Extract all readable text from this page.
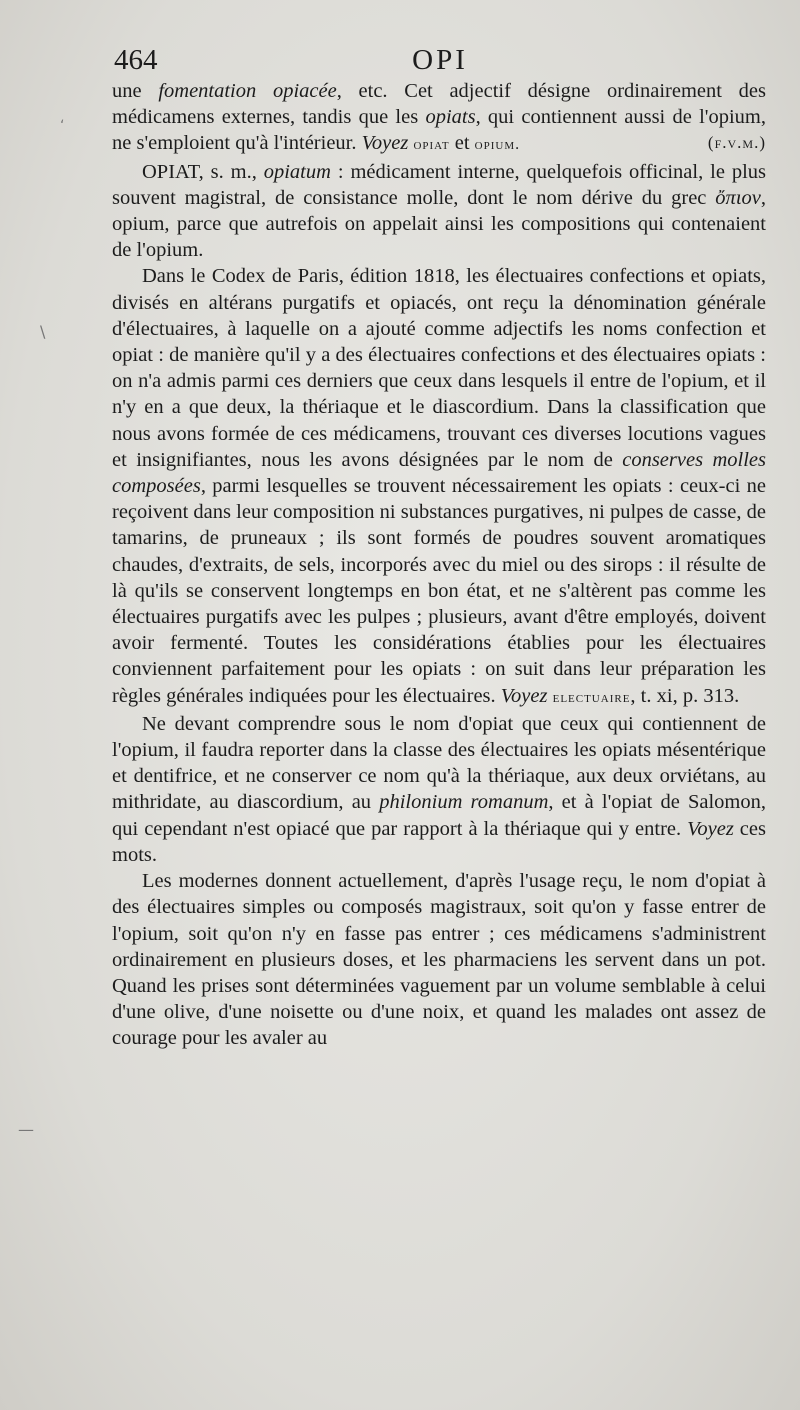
464	OPI

une fomentation opiacée, etc. Cet adjectif désigne ordinairement des médicamens externes, tandis que les opiats, qui contiennent aussi de l'opium, ne s'emploient qu'à l'intérieur. Voyez opiat et opium.	(f.v.m.)

OPIAT, s. m., opiatum : médicament interne, quelquefois officinal, le plus souvent magistral, de consistance molle, dont le nom dérive du grec ὄπιον, opium, parce que autrefois on appelait ainsi les compositions qui contenaient de l'opium.

Dans le Codex de Paris, édition 1818, les électuaires confections et opiats, divisés en altérans purgatifs et opiacés, ont reçu la dénomination générale d'électuaires, à laquelle on a ajouté comme adjectifs les noms confection et opiat : de manière qu'il y a des électuaires confections et des électuaires opiats : on n'a admis parmi ces derniers que ceux dans lesquels il entre de l'opium, et il n'y en a que deux, la thériaque et le diascordium. Dans la classification que nous avons formée de ces médicamens, trouvant ces diverses locutions vagues et insignifiantes, nous les avons désignées par le nom de conserves molles composées, parmi lesquelles se trouvent nécessairement les opiats : ceux-ci ne reçoivent dans leur composition ni substances purgatives, ni pulpes de casse, de tamarins, de pruneaux ; ils sont formés de poudres souvent aromatiques chaudes, d'extraits, de sels, incorporés avec du miel ou des sirops : il résulte de là qu'ils se conservent longtemps en bon état, et ne s'altèrent pas comme les électuaires purgatifs avec les pulpes ; plusieurs, avant d'être employés, doivent avoir fermenté. Toutes les considérations établies pour les électuaires conviennent parfaitement pour les opiats : on suit dans leur préparation les règles générales indiquées pour les électuaires. Voyez electuaire, t. xi, p. 313.

Ne devant comprendre sous le nom d'opiat que ceux qui contiennent de l'opium, il faudra reporter dans la classe des électuaires les opiats mésentérique et dentifrice, et ne conserver ce nom qu'à la thériaque, aux deux orviétans, au mithridate, au diascordium, au philonium romanum, et à l'opiat de Salomon, qui cependant n'est opiacé que par rapport à la thériaque qui y entre. Voyez ces mots.

Les modernes donnent actuellement, d'après l'usage reçu, le nom d'opiat à des électuaires simples ou composés magistraux, soit qu'on y fasse entrer de l'opium, soit qu'on n'y en fasse pas entrer ; ces médicamens s'administrent ordinairement en plusieurs doses, et les pharmaciens les servent dans un pot. Quand les prises sont déterminées vaguement par un volume semblable à celui d'une olive, d'une noisette ou d'une noix, et quand les malades ont assez de courage pour les avaler au

‘
\
—
